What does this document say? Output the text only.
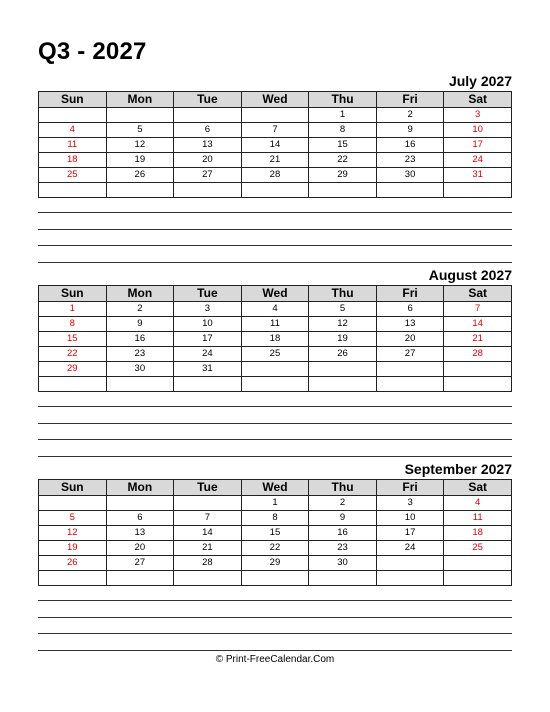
Q3 - 2027
July 2027
Sun	Mon	Tue	Wed	Thu	Fri	Sat
				1	2	3
4	5	6	7	8	9	10
11	12	13	14	15	16	17
18	19	20	21	22	23	24
25	26	27	28	29	30	31

August 2027
Sun	Mon	Tue	Wed	Thu	Fri	Sat
1	2	3	4	5	6	7
8	9	10	11	12	13	14
15	16	17	18	19	20	21
22	23	24	25	26	27	28
29	30	31				

September 2027
Sun	Mon	Tue	Wed	Thu	Fri	Sat
			1	2	3	4
5	6	7	8	9	10	11
12	13	14	15	16	17	18
19	20	21	22	23	24	25
26	27	28	29	30		

© Print-FreeCalendar.Com
